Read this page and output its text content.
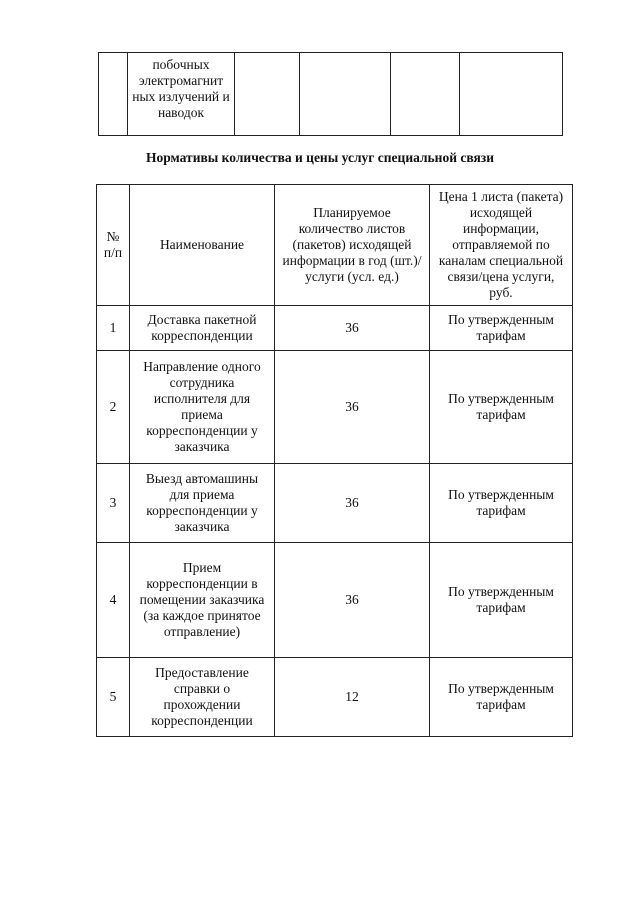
	побочных электромагнит ных излучений и наводок				
Нормативы количества и цены услуг специальной связи
№ п/п	Наименование	Планируемое количество листов (пакетов) исходящей информации в год (шт.)/услуги (усл. ед.)	Цена 1 листа (пакета) исходящей информации, отправляемой по каналам специальной связи/цена услуги, руб.
1	Доставка пакетной корреспонденции	36	По утвержденным тарифам
2	Направление одного сотрудника исполнителя для приема корреспонденции у заказчика	36	По утвержденным тарифам
3	Выезд автомашины для приема корреспонденции у заказчика	36	По утвержденным тарифам
4	Прием корреспонденции в помещении заказчика (за каждое принятое отправление)	36	По утвержденным тарифам
5	Предоставление справки о прохождении корреспонденции	12	По утвержденным тарифам
